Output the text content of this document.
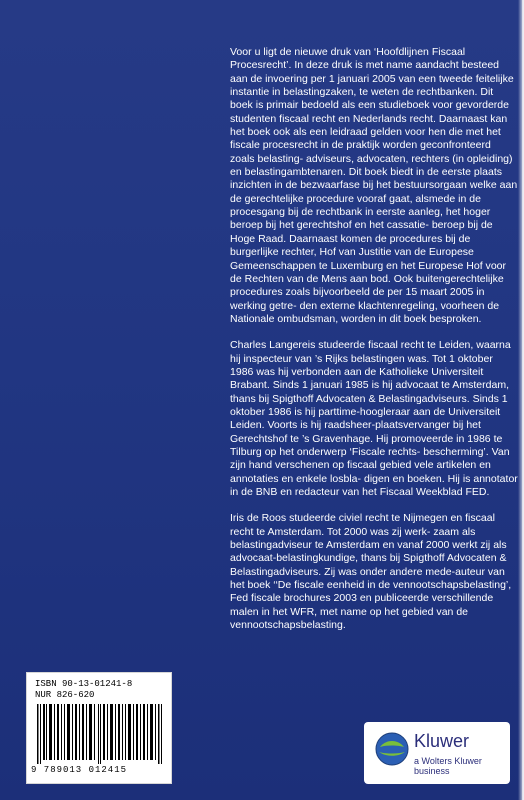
Voor u ligt de nieuwe druk van ‘Hoofdlijnen Fiscaal Procesrecht’. In deze druk is met name aandacht besteed aan de invoering per 1 januari 2005 van een tweede feitelijke instantie in belastingzaken, te weten de rechtbanken. Dit boek is primair bedoeld als een studieboek voor gevorderde studenten fiscaal recht en Nederlands recht. Daarnaast kan het boek ook als een leidraad gelden voor hen die met het fiscale procesrecht in de praktijk worden geconfronteerd zoals belasting- adviseurs, advocaten, rechters (in opleiding) en belastingambtenaren. Dit boek biedt in de eerste plaats inzichten in de bezwaarfase bij het bestuursorgaan welke aan de gerechtelijke procedure vooraf gaat, alsmede in de procesgang bij de rechtbank in eerste aanleg, het hoger beroep bij het gerechtshof en het cassatie- beroep bij de Hoge Raad. Daarnaast komen de procedures bij de burgerlijke rechter, Hof van Justitie van de Europese Gemeenschappen te Luxemburg en het Europese Hof voor de Rechten van de Mens aan bod. Ook buitengerechtelijke procedures zoals bijvoorbeeld de per 15 maart 2005 in werking getre- den externe klachtenregeling, voorheen de Nationale ombudsman, worden in dit boek besproken.

Charles Langereis studeerde fiscaal recht te Leiden, waarna hij inspecteur van ’s Rijks belastingen was. Tot 1 oktober 1986 was hij verbonden aan de Katholieke Universiteit Brabant. Sinds 1 januari 1985 is hij advocaat te Amsterdam, thans bij Spigthoff Advocaten & Belastingadviseurs. Sinds 1 oktober 1986 is hij parttime-hoogleraar aan de Universiteit Leiden. Voorts is hij raadsheer-plaatsvervanger bij het Gerechtshof te ’s Gravenhage. Hij promoveerde in 1986 te Tilburg op het onderwerp ‘Fiscale rechts- bescherming’. Van zijn hand verschenen op fiscaal gebied vele artikelen en annotaties en enkele losbla- digen en boeken. Hij is annotator in de BNB en redacteur van het Fiscaal Weekblad FED.

Iris de Roos studeerde civiel recht te Nijmegen en fiscaal recht te Amsterdam. Tot 2000 was zij werk- zaam als belastingadviseur te Amsterdam en vanaf 2000 werkt zij als advocaat-belastingkundige, thans bij Spigthoff Advocaten & Belastingadviseurs. Zij was onder andere mede-auteur van het boek ‘‘De fiscale eenheid in de vennootschapsbelasting’, Fed fiscale brochures 2003 en publiceerde verschillende malen in het WFR, met name op het gebied van de vennootschapsbelasting.

ISBN 90-13-01241-8
NUR 826-620
9 789013 012415
Kluwer
a Wolters Kluwer business
